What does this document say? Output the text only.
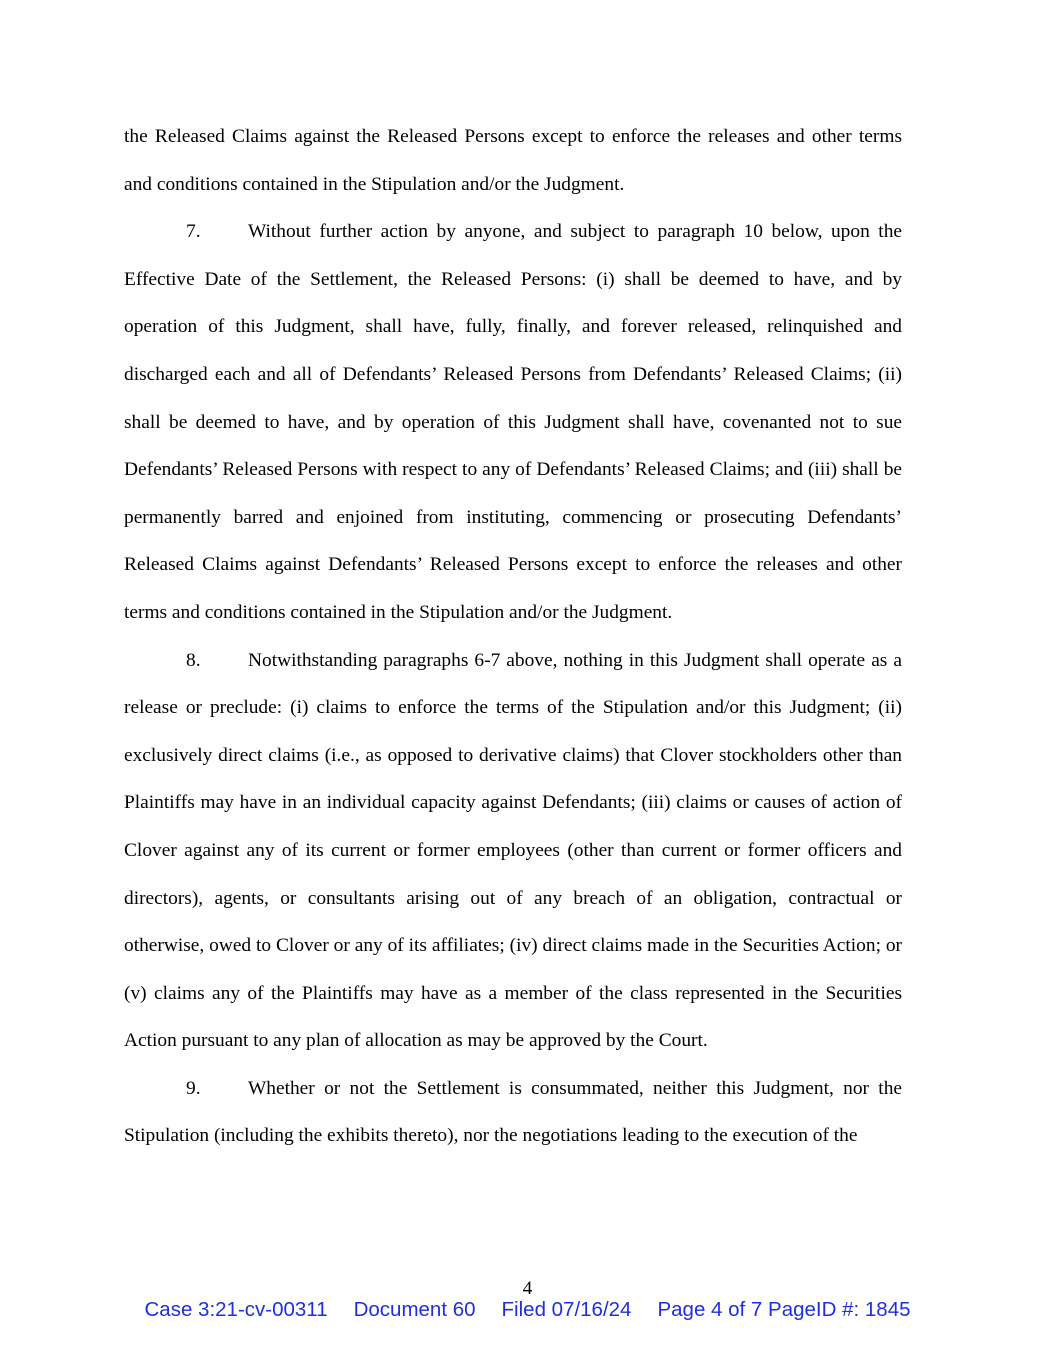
the Released Claims against the Released Persons except to enforce the releases and other terms and conditions contained in the Stipulation and/or the Judgment.

7. Without further action by anyone, and subject to paragraph 10 below, upon the Effective Date of the Settlement, the Released Persons: (i) shall be deemed to have, and by operation of this Judgment, shall have, fully, finally, and forever released, relinquished and discharged each and all of Defendants’ Released Persons from Defendants’ Released Claims; (ii) shall be deemed to have, and by operation of this Judgment shall have, covenanted not to sue Defendants’ Released Persons with respect to any of Defendants’ Released Claims; and (iii) shall be permanently barred and enjoined from instituting, commencing or prosecuting Defendants’ Released Claims against Defendants’ Released Persons except to enforce the releases and other terms and conditions contained in the Stipulation and/or the Judgment.

8. Notwithstanding paragraphs 6-7 above, nothing in this Judgment shall operate as a release or preclude: (i) claims to enforce the terms of the Stipulation and/or this Judgment; (ii) exclusively direct claims (i.e., as opposed to derivative claims) that Clover stockholders other than Plaintiffs may have in an individual capacity against Defendants; (iii) claims or causes of action of Clover against any of its current or former employees (other than current or former officers and directors), agents, or consultants arising out of any breach of an obligation, contractual or otherwise, owed to Clover or any of its affiliates; (iv) direct claims made in the Securities Action; or (v) claims any of the Plaintiffs may have as a member of the class represented in the Securities Action pursuant to any plan of allocation as may be approved by the Court.

9. Whether or not the Settlement is consummated, neither this Judgment, nor the Stipulation (including the exhibits thereto), nor the negotiations leading to the execution of the

4
Case 3:21-cv-00311 Document 60 Filed 07/16/24 Page 4 of 7 PageID #: 1845
